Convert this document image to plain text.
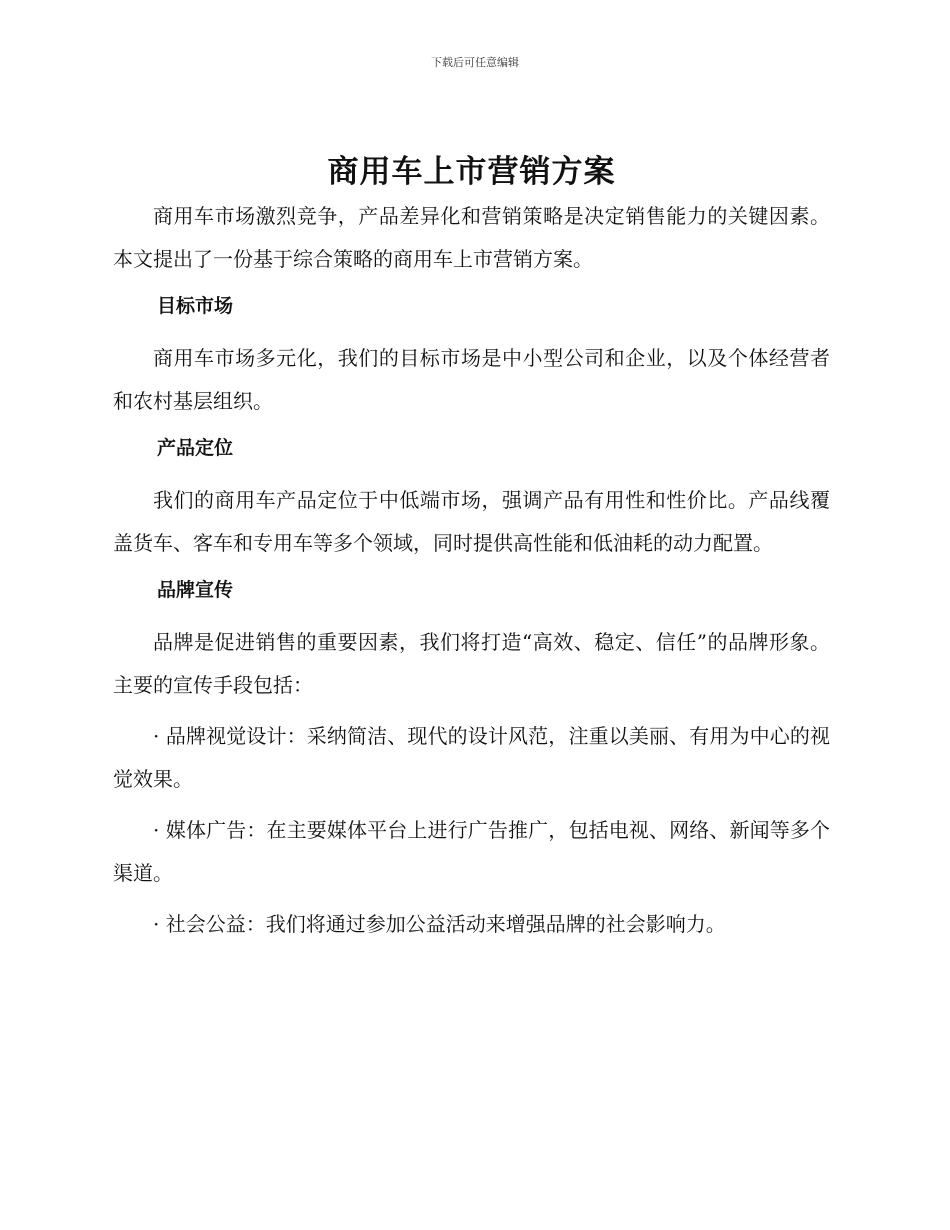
下载后可任意编辑
商用车上市营销方案

商用车市场激烈竞争，产品差异化和营销策略是决定销售能力的关键因素。本文提出了一份基于综合策略的商用车上市营销方案。

目标市场

商用车市场多元化，我们的目标市场是中小型公司和企业，以及个体经营者和农村基层组织。

产品定位

我们的商用车产品定位于中低端市场，强调产品有用性和性价比。产品线覆盖货车、客车和专用车等多个领域，同时提供高性能和低油耗的动力配置。

品牌宣传

品牌是促进销售的重要因素，我们将打造“高效、稳定、信任”的品牌形象。主要的宣传手段包括：

· 品牌视觉设计：采纳简洁、现代的设计风范，注重以美丽、有用为中心的视觉效果。

· 媒体广告：在主要媒体平台上进行广告推广，包括电视、网络、新闻等多个渠道。

· 社会公益：我们将通过参加公益活动来增强品牌的社会影响力。
